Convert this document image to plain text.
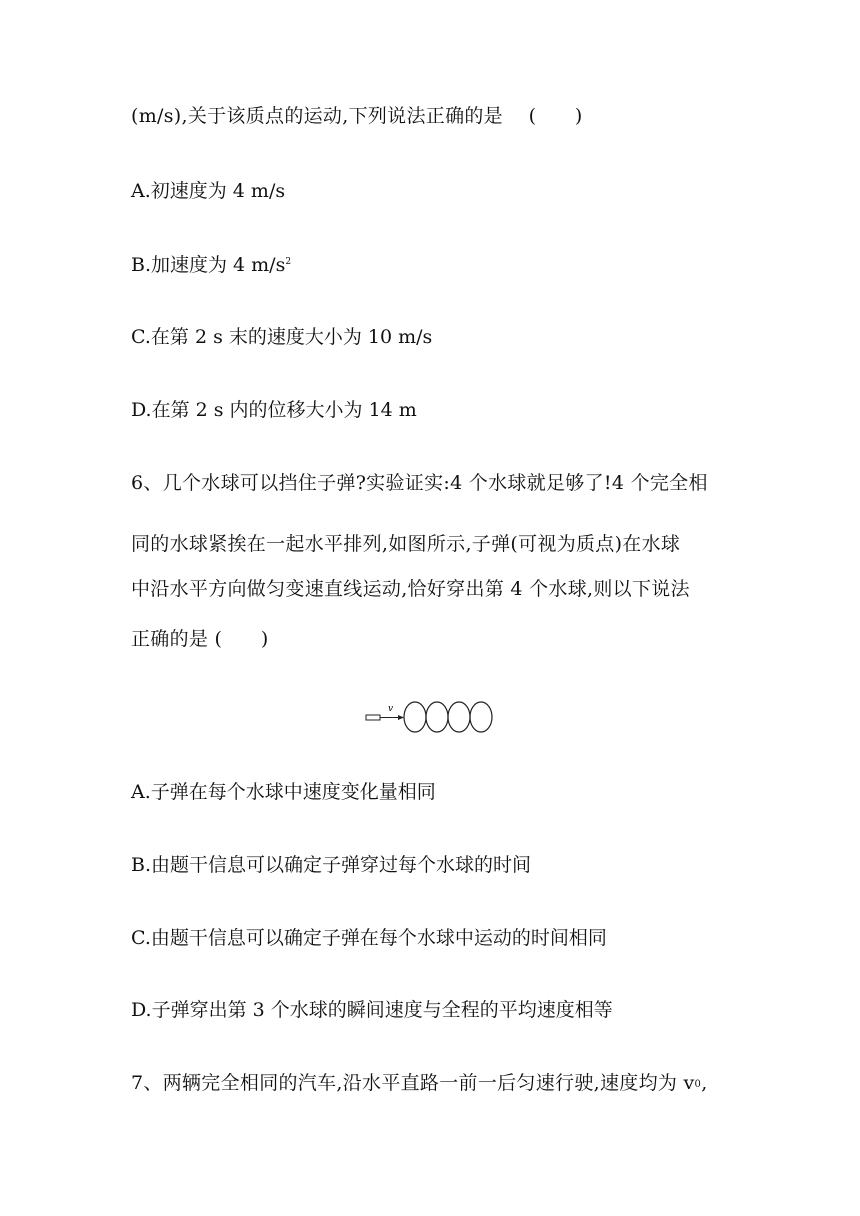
(m/s),关于该质点的运动,下列说法正确的是　 (　　)
A.初速度为 4 m/s
B.加速度为 4 $m/s^2$
C.在第 2 s 末的速度大小为 10 m/s
D.在第 2 s 内的位移大小为 14 m
6、几个水球可以挡住子弹?实验证实:4 个水球就足够了!4 个完全相
同的水球紧挨在一起水平排列,如图所示,子弹(可视为质点)在水球
中沿水平方向做匀变速直线运动,恰好穿出第 4 个水球,则以下说法
正确的是 (　　)
v
A.子弹在每个水球中速度变化量相同
B.由题干信息可以确定子弹穿过每个水球的时间
C.由题干信息可以确定子弹在每个水球中运动的时间相同
D.子弹穿出第 3 个水球的瞬间速度与全程的平均速度相等
7、两辆完全相同的汽车,沿水平直路一前一后匀速行驶,速度均为 $v_0$,
